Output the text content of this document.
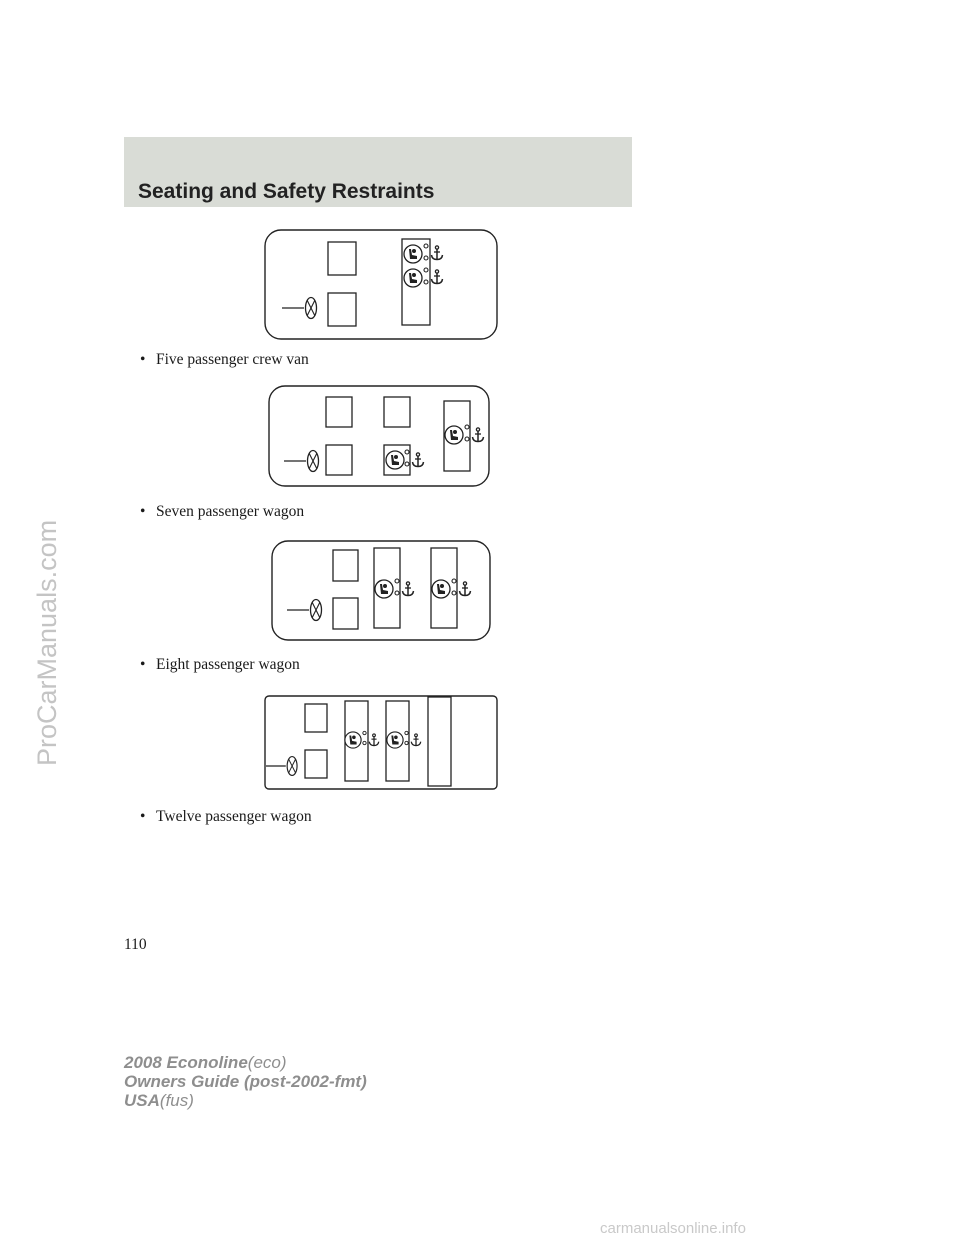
Seating and Safety Restraints
ProCarManuals.com
• Five passenger crew van
• Seven passenger wagon
• Eight passenger wagon
• Twelve passenger wagon
110
2008 Econoline(eco)
Owners Guide (post-2002-fmt)
USA(fus)
carmanualsonline.info
